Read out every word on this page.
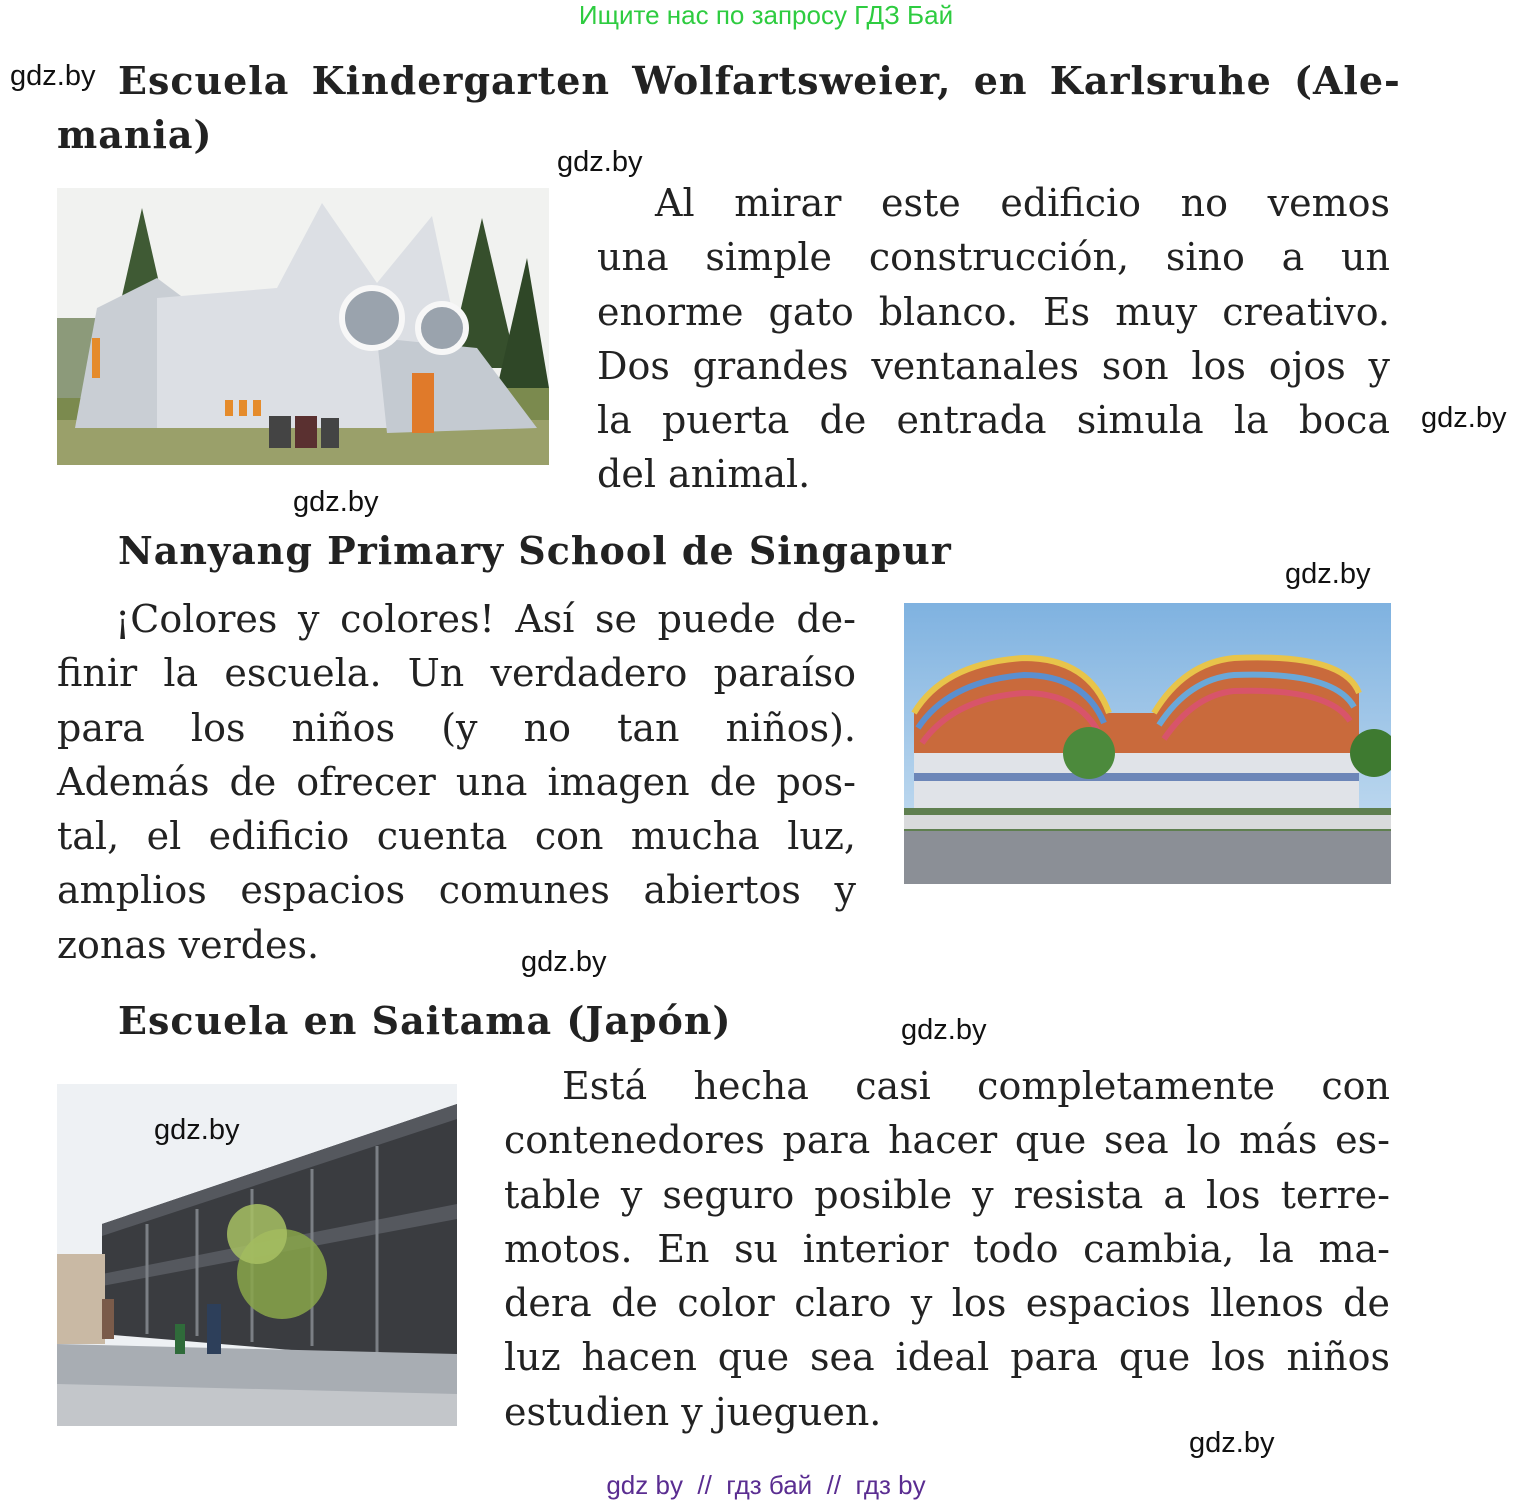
Ищите нас по запросу ГДЗ Бай
gdz.by Escuela Kindergarten Wolfartsweier, en Karlsruhe (Ale-
mania)
gdz.by
Al mirar este edificio no vemos
una simple construcción, sino a un
enorme gato blanco. Es muy creativo.
Dos grandes ventanales son los ojos y
la puerta de entrada simula la boca
del animal.
gdz.by
gdz.by
Nanyang Primary School de Singapur
gdz.by
¡Colores y colores! Así se puede de-
finir la escuela. Un verdadero paraíso
para los niños (y no tan niños).
Además de ofrecer una imagen de pos-
tal, el edificio cuenta con mucha luz,
amplios espacios comunes abiertos y
zonas verdes.	gdz.by
Escuela en Saitama (Japón)	gdz.by
gdz.by
Está hecha casi completamente con
contenedores para hacer que sea lo más es-
table y seguro posible y resista a los terre-
motos. En su interior todo cambia, la ma-
dera de color claro y los espacios llenos de
luz hacen que sea ideal para que los niños
estudien y jueguen.
gdz.by
gdz by  //  гдз бай  //  гдз by
